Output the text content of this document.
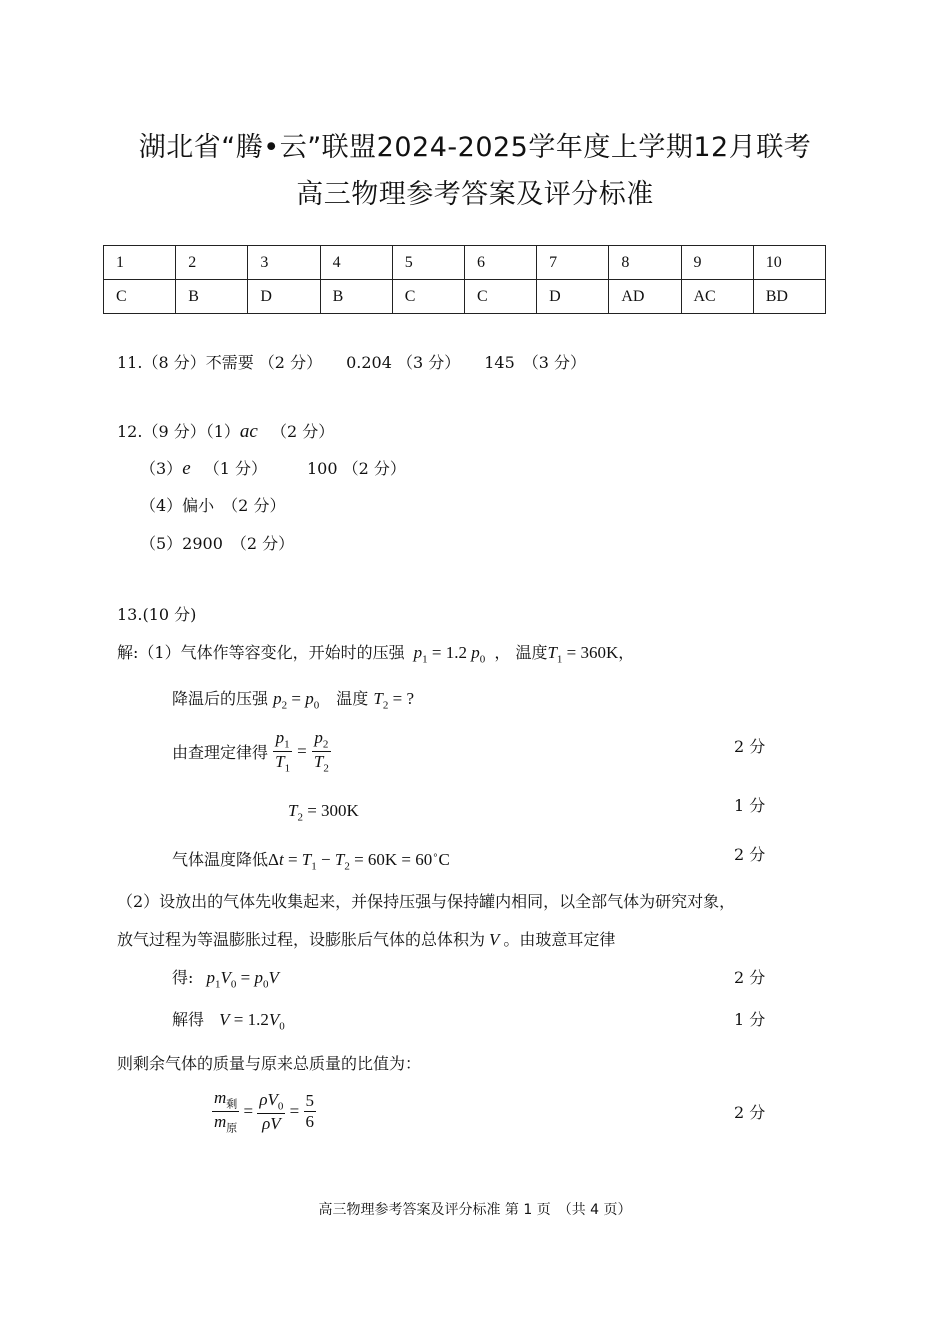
湖北省“腾•云”联盟2024-2025学年度上学期12月联考
高三物理参考答案及评分标准
1	2	3	4	5	6	7	8	9	10
C	B	D	B	C	C	D	AD	AC	BD
11.（8 分）不需要 （2 分）　　0.204 （3 分）　　145　（3 分）
12.（9 分）（1）ac （2 分）
（3）e （1 分）　　　100 （2 分）
（4）偏小　（2 分）
（5）2900　（2 分）
13.(10 分)
解:（1）气体作等容变化，开始时的压强 $p_1 = 1.2$ $p_0$ ， 温度$T_1 = 360K$，
降温后的压强 $p_2 = p_0$ 温度 $T_2$ = ?
由查理定律得 $\frac{p_1}{T_1} = \frac{p_2}{T_2}$	2 分
$T_2 = 300K$	1 分
气体温度降低$\Delta t = T_1 - T_2 = 60K = 60^\circ C$	2 分
（2）设放出的气体先收集起来，并保持压强与保持罐内相同，以全部气体为研究对象，
放气过程为等温膨胀过程，设膨胀后气体的总体积为 V 。由玻意耳定律
得: $p_1V_0 = p_0V$	2 分
解得 $V = 1.2V_0$	1 分
则剩余气体的质量与原来总质量的比值为：
$\frac{m_剩}{m_原} = \frac{\rho V_0}{\rho V} = \frac{5}{6}$	2 分
高三物理参考答案及评分标准 第 1 页　（共 4 页）
